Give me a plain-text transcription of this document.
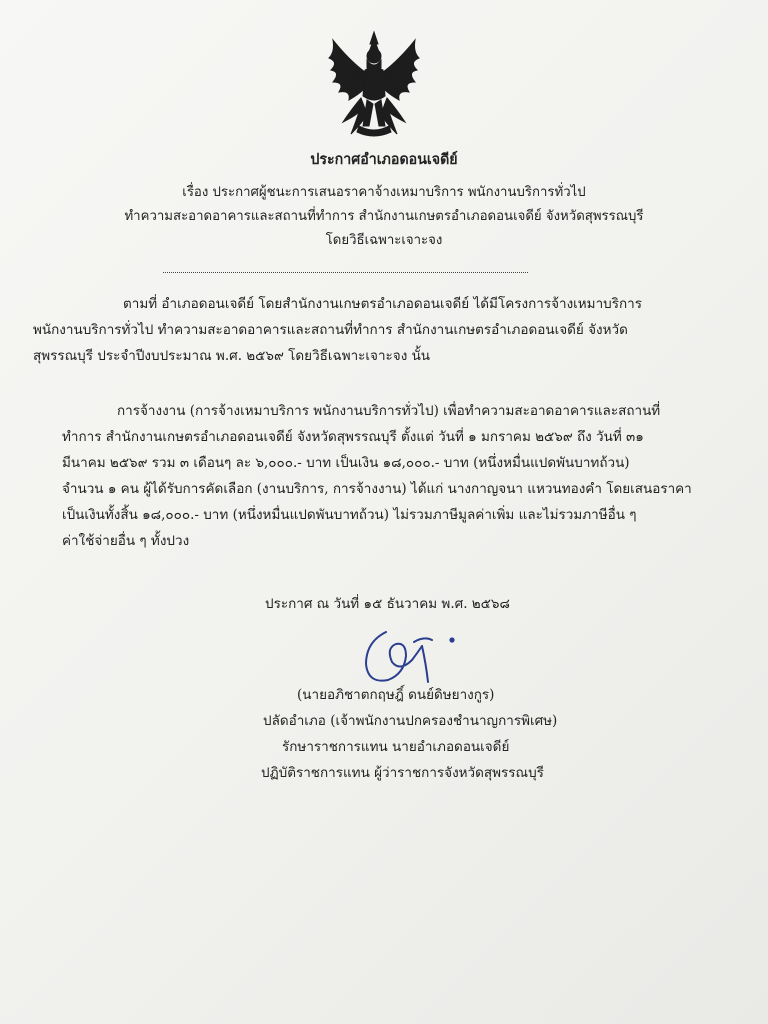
ประกาศอำเภอดอนเจดีย์
เรื่อง ประกาศผู้ชนะการเสนอราคาจ้างเหมาบริการ พนักงานบริการทั่วไป
ทำความสะอาดอาคารและสถานที่ทำการ สำนักงานเกษตรอำเภอดอนเจดีย์ จังหวัดสุพรรณบุรี
โดยวิธีเฉพาะเจาะจง
ตามที่ อำเภอดอนเจดีย์ โดยสำนักงานเกษตรอำเภอดอนเจดีย์ ได้มีโครงการจ้างเหมาบริการ
พนักงานบริการทั่วไป ทำความสะอาดอาคารและสถานที่ทำการ สำนักงานเกษตรอำเภอดอนเจดีย์ จังหวัด
สุพรรณบุรี ประจำปีงบประมาณ พ.ศ. ๒๕๖๙ โดยวิธีเฉพาะเจาะจง นั้น
การจ้างงาน (การจ้างเหมาบริการ พนักงานบริการทั่วไป) เพื่อทำความสะอาดอาคารและสถานที่
ทำการ สำนักงานเกษตรอำเภอดอนเจดีย์ จังหวัดสุพรรณบุรี ตั้งแต่ วันที่ ๑ มกราคม ๒๕๖๙ ถึง วันที่ ๓๑
มีนาคม ๒๕๖๙ รวม ๓ เดือนๆ ละ ๖,๐๐๐.- บาท เป็นเงิน ๑๘,๐๐๐.- บาท (หนึ่งหมื่นแปดพันบาทถ้วน)
จำนวน ๑ คน ผู้ได้รับการคัดเลือก (งานบริการ, การจ้างงาน) ได้แก่ นางกาญจนา แหวนทองคำ โดยเสนอราคา
เป็นเงินทั้งสิ้น ๑๘,๐๐๐.- บาท (หนึ่งหมื่นแปดพันบาทถ้วน) ไม่รวมภาษีมูลค่าเพิ่ม และไม่รวมภาษีอื่น ๆ
ค่าใช้จ่ายอื่น ๆ ทั้งปวง
ประกาศ ณ วันที่ ๑๕ ธันวาคม พ.ศ. ๒๕๖๘
(นายอภิชาตกฤษฎิ์ ดนย์ดิษยางกูร)
ปลัดอำเภอ (เจ้าพนักงานปกครองชำนาญการพิเศษ)
รักษาราชการแทน นายอำเภอดอนเจดีย์
ปฏิบัติราชการแทน ผู้ว่าราชการจังหวัดสุพรรณบุรี
